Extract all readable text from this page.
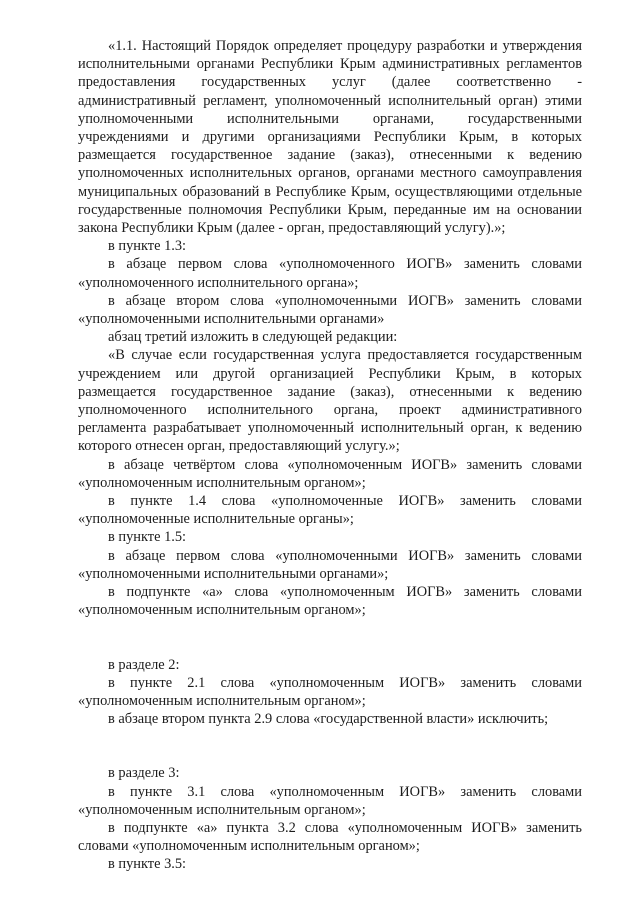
«1.1. Настоящий Порядок определяет процедуру разработки и утверждения исполнительными органами Республики Крым административных регламентов предоставления государственных услуг (далее соответственно - административный регламент, уполномоченный исполнительный орган) этими уполномоченными исполнительными органами, государственными учреждениями и другими организациями Республики Крым, в которых размещается государственное задание (заказ), отнесенными к ведению уполномоченных исполнительных органов, органами местного самоуправления муниципальных образований в Республике Крым, осуществляющими отдельные государственные полномочия Республики Крым, переданные им на основании закона Республики Крым (далее - орган, предоставляющий услугу).»;

в пункте 1.3:

в абзаце первом слова «уполномоченного ИОГВ» заменить словами «уполномоченного исполнительного органа»;

в абзаце втором слова «уполномоченными ИОГВ» заменить словами «уполномоченными исполнительными органами»

абзац третий изложить в следующей редакции:

«В случае если государственная услуга предоставляется государственным учреждением или другой организацией Республики Крым, в которых размещается государственное задание (заказ), отнесенными к ведению уполномоченного исполнительного органа, проект административного регламента разрабатывает уполномоченный исполнительный орган, к ведению которого отнесен орган, предоставляющий услугу.»;

в абзаце четвёртом слова «уполномоченным ИОГВ» заменить словами «уполномоченным исполнительным органом»;

в пункте 1.4 слова «уполномоченные ИОГВ» заменить словами «уполномоченные исполнительные органы»;

в пункте 1.5:

в абзаце первом слова «уполномоченными ИОГВ» заменить словами «уполномоченными исполнительными органами»;

в подпункте «а» слова «уполномоченным ИОГВ» заменить словами «уполномоченным исполнительным органом»;

в разделе 2:

в пункте 2.1 слова «уполномоченным ИОГВ» заменить словами «уполномоченным исполнительным органом»;

в абзаце втором пункта 2.9 слова «государственной власти» исключить;

в разделе 3:

в пункте 3.1 слова «уполномоченным ИОГВ» заменить словами «уполномоченным исполнительным органом»;

в подпункте «а» пункта 3.2 слова «уполномоченным ИОГВ» заменить словами «уполномоченным исполнительным органом»;

в пункте 3.5:
